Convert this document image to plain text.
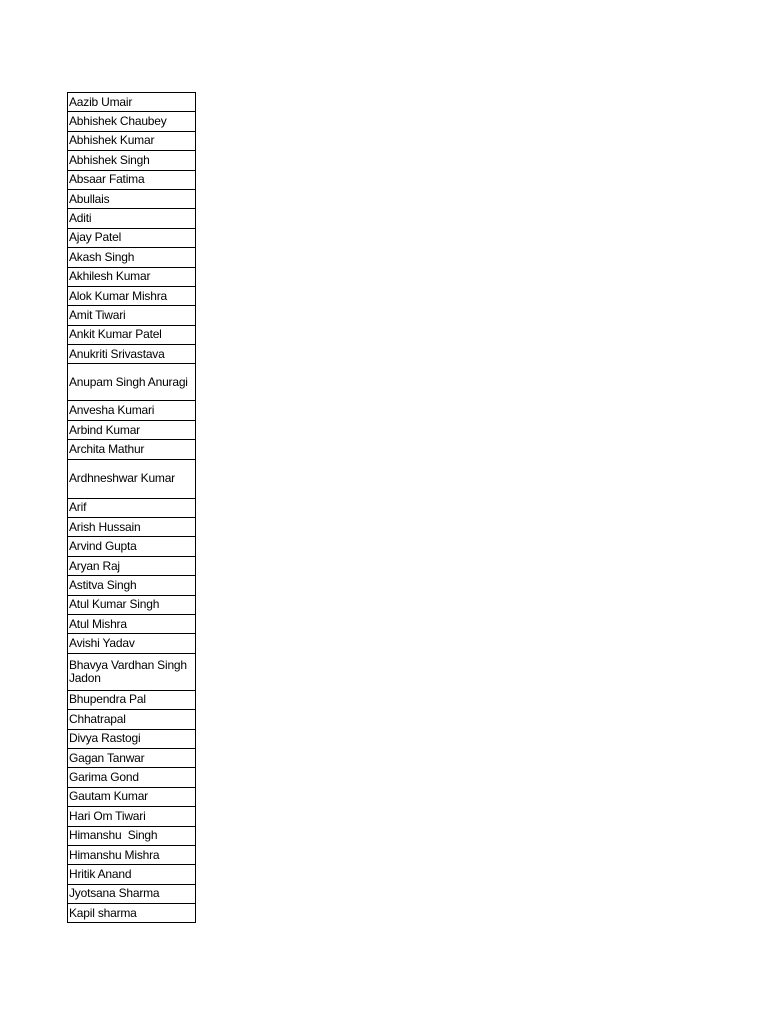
Aazib Umair
Abhishek Chaubey
Abhishek Kumar
Abhishek Singh
Absaar Fatima
Abullais
Aditi
Ajay Patel
Akash Singh
Akhilesh Kumar
Alok Kumar Mishra
Amit Tiwari
Ankit Kumar Patel
Anukriti Srivastava
Anupam Singh Anuragi
Anvesha Kumari
Arbind Kumar
Archita Mathur
Ardhneshwar Kumar
Arif
Arish Hussain
Arvind Gupta
Aryan Raj
Astitva Singh
Atul Kumar Singh
Atul Mishra
Avishi Yadav
Bhavya Vardhan Singh Jadon
Bhupendra Pal
Chhatrapal
Divya Rastogi
Gagan Tanwar
Garima Gond
Gautam Kumar
Hari Om Tiwari
Himanshu  Singh
Himanshu Mishra
Hritik Anand
Jyotsana Sharma
Kapil sharma
